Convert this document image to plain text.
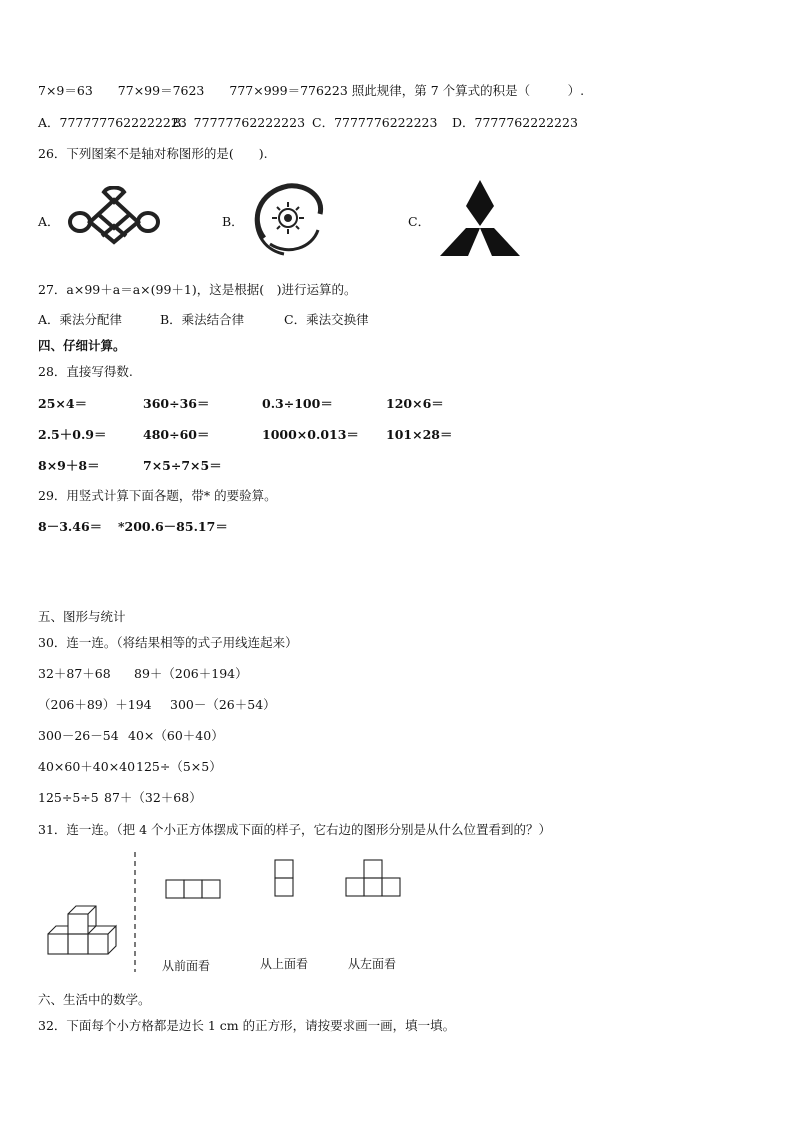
7×9＝63　　77×99＝7623　　777×999＝776223 照此规律，第 7 个算式的积是（　　　）.
A．7777777622222223
B．77777762222223 C．7777776222223 D．7777762222223
26．下列图案不是轴对称图形的是(　　).
A．	B．	C．
27．a×99＋a＝a×(99＋1)，这是根据(　)进行运算的。
A．乘法分配律	B．乘法结合律	C．乘法交换律
四、仔细计算。
28．直接写得数.
25×4＝	360÷36＝	0.3÷100＝	120×6＝
2.5＋0.9＝	480÷60＝	1000×0.013＝ 101×28＝
8×9＋8＝	7×5÷7×5＝
29．用竖式计算下面各题，带* 的要验算。
8－3.46＝ *200.6－85.17＝
五、图形与统计
30．连一连。（将结果相等的式子用线连起来）
32＋87＋68 89＋（206＋194）
（206＋89）＋194 300－（26＋54）
300－26－54 40×（60＋40）
40×60＋40×40 125÷（5×5）
125÷5÷5 87＋（32＋68）
31．连一连。（把 4 个小正方体摆成下面的样子，它右边的图形分别是从什么位置看到的？）
从前面看	从上面看	从左面看
六、生活中的数学。
32．下面每个小方格都是边长 1 cm 的正方形，请按要求画一画，填一填。
